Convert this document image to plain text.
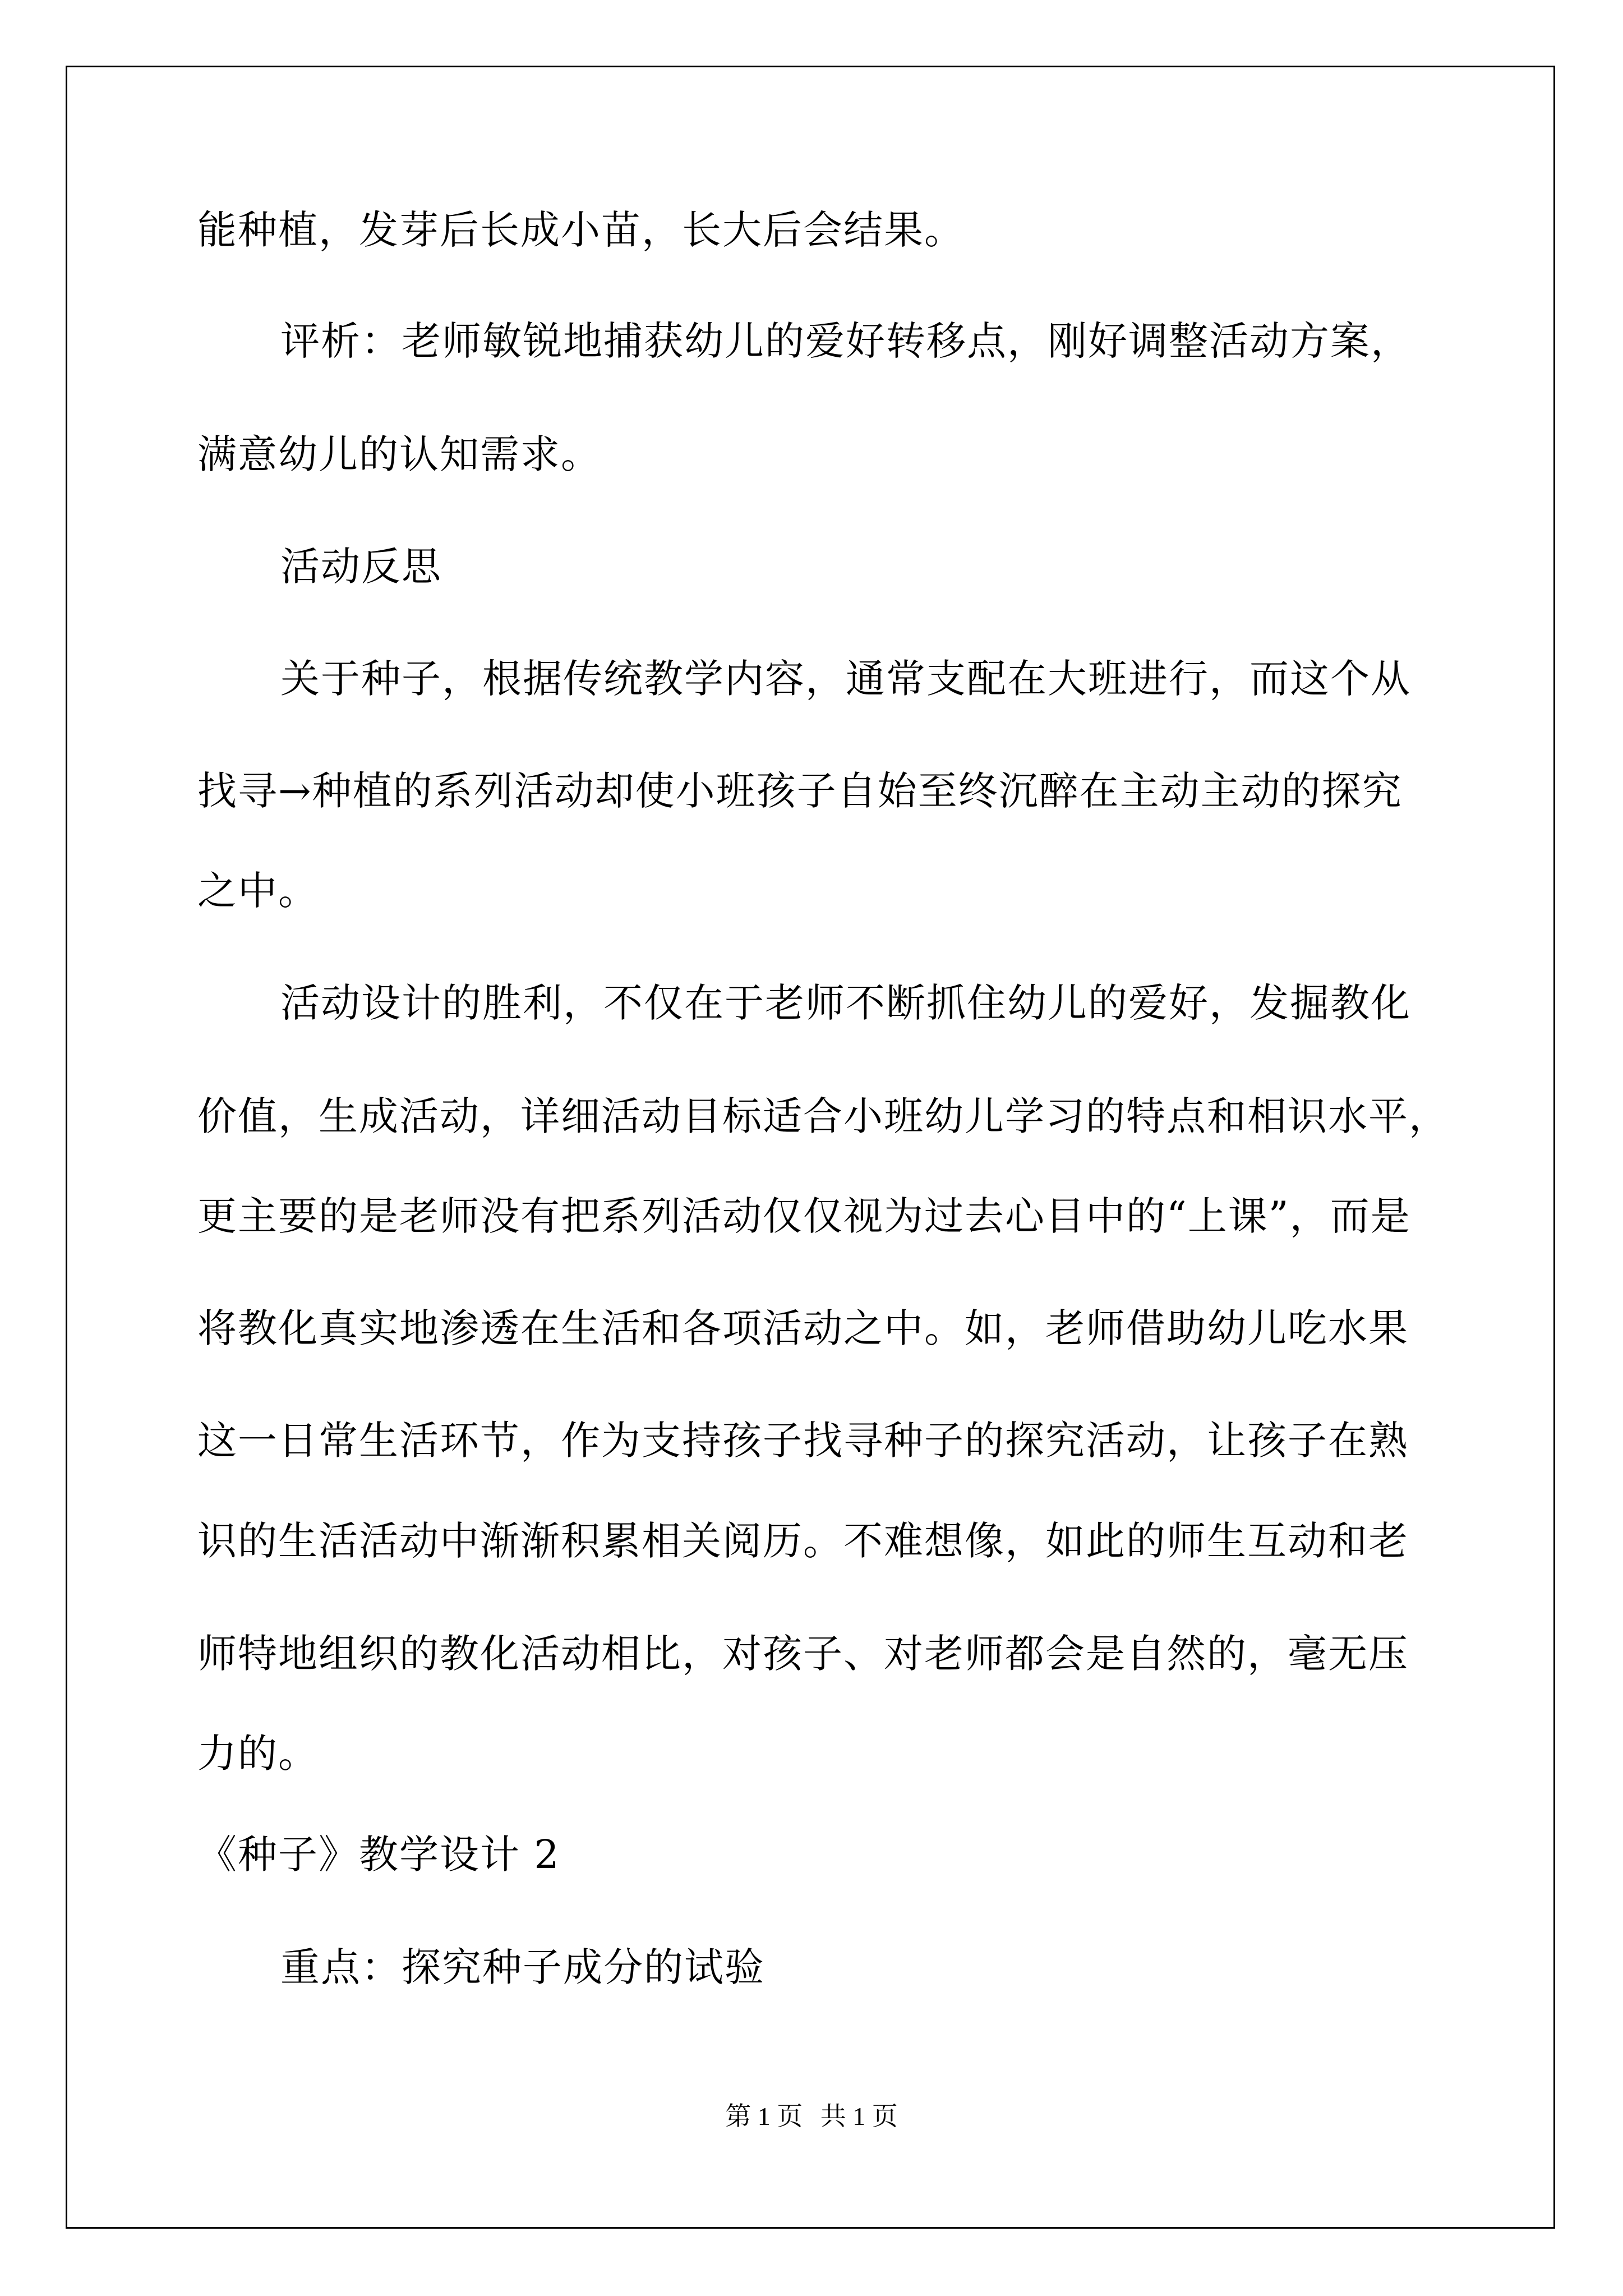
能种植，发芽后长成小苗，长大后会结果。
评析：老师敏锐地捕获幼儿的爱好转移点，刚好调整活动方案，
满意幼儿的认知需求。
活动反思
关于种子，根据传统教学内容，通常支配在大班进行，而这个从
找寻→种植的系列活动却使小班孩子自始至终沉醉在主动主动的探究
之中。
活动设计的胜利，不仅在于老师不断抓住幼儿的爱好，发掘教化
价值，生成活动，详细活动目标适合小班幼儿学习的特点和相识水平，
更主要的是老师没有把系列活动仅仅视为过去心目中的“上课”，而是
将教化真实地渗透在生活和各项活动之中。如，老师借助幼儿吃水果
这一日常生活环节，作为支持孩子找寻种子的探究活动，让孩子在熟
识的生活活动中渐渐积累相关阅历。不难想像，如此的师生互动和老
师特地组织的教化活动相比，对孩子、对老师都会是自然的，毫无压
力的。
《种子》教学设计 2
重点：探究种子成分的试验
第 1 页 共 1 页
